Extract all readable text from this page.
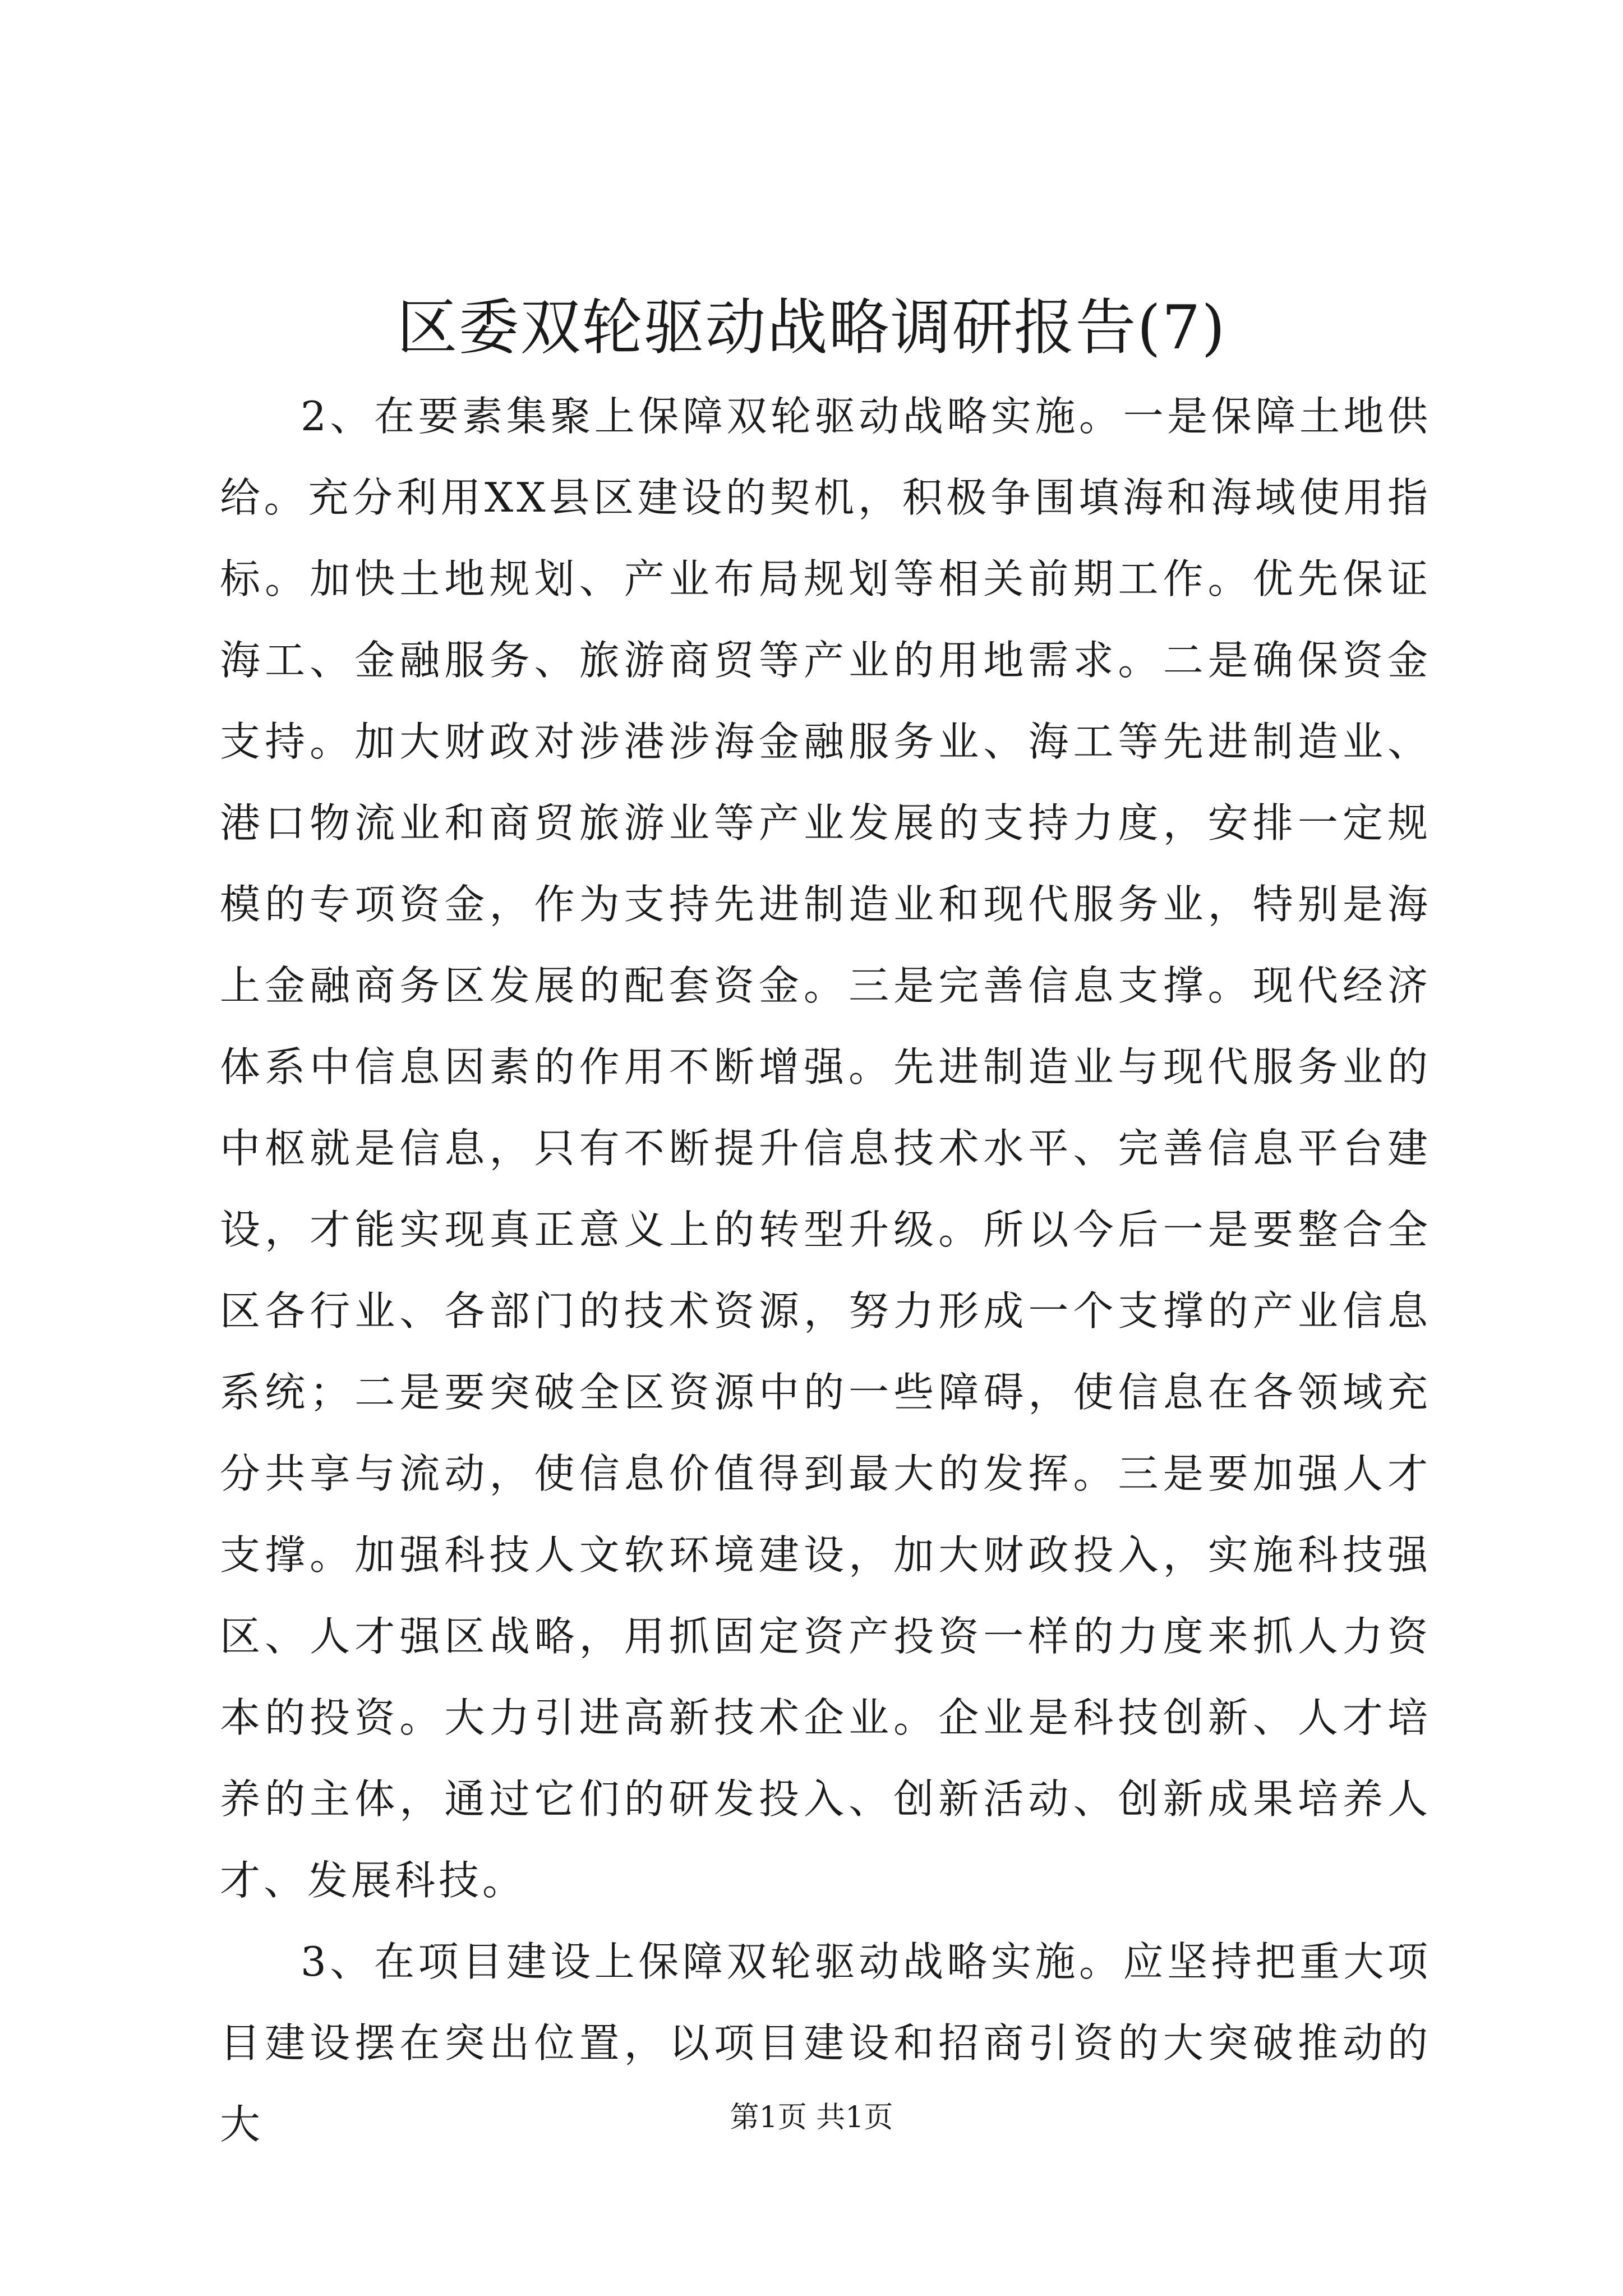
区委双轮驱动战略调研报告(7)

2、在要素集聚上保障双轮驱动战略实施。一是保障土地供给。充分利用XX县区建设的契机，积极争围填海和海域使用指标。加快土地规划、产业布局规划等相关前期工作。优先保证海工、金融服务、旅游商贸等产业的用地需求。二是确保资金支持。加大财政对涉港涉海金融服务业、海工等先进制造业、港口物流业和商贸旅游业等产业发展的支持力度，安排一定规模的专项资金，作为支持先进制造业和现代服务业，特别是海上金融商务区发展的配套资金。三是完善信息支撑。现代经济体系中信息因素的作用不断增强。先进制造业与现代服务业的中枢就是信息，只有不断提升信息技术水平、完善信息平台建设，才能实现真正意义上的转型升级。所以今后一是要整合全区各行业、各部门的技术资源，努力形成一个支撑的产业信息系统；二是要突破全区资源中的一些障碍，使信息在各领域充分共享与流动，使信息价值得到最大的发挥。三是要加强人才支撑。加强科技人文软环境建设，加大财政投入，实施科技强区、人才强区战略，用抓固定资产投资一样的力度来抓人力资本的投资。大力引进高新技术企业。企业是科技创新、人才培养的主体，通过它们的研发投入、创新活动、创新成果培养人才、发展科技。

3、在项目建设上保障双轮驱动战略实施。应坚持把重大项目建设摆在突出位置，以项目建设和招商引资的大突破推动的大	第1页 共1页
